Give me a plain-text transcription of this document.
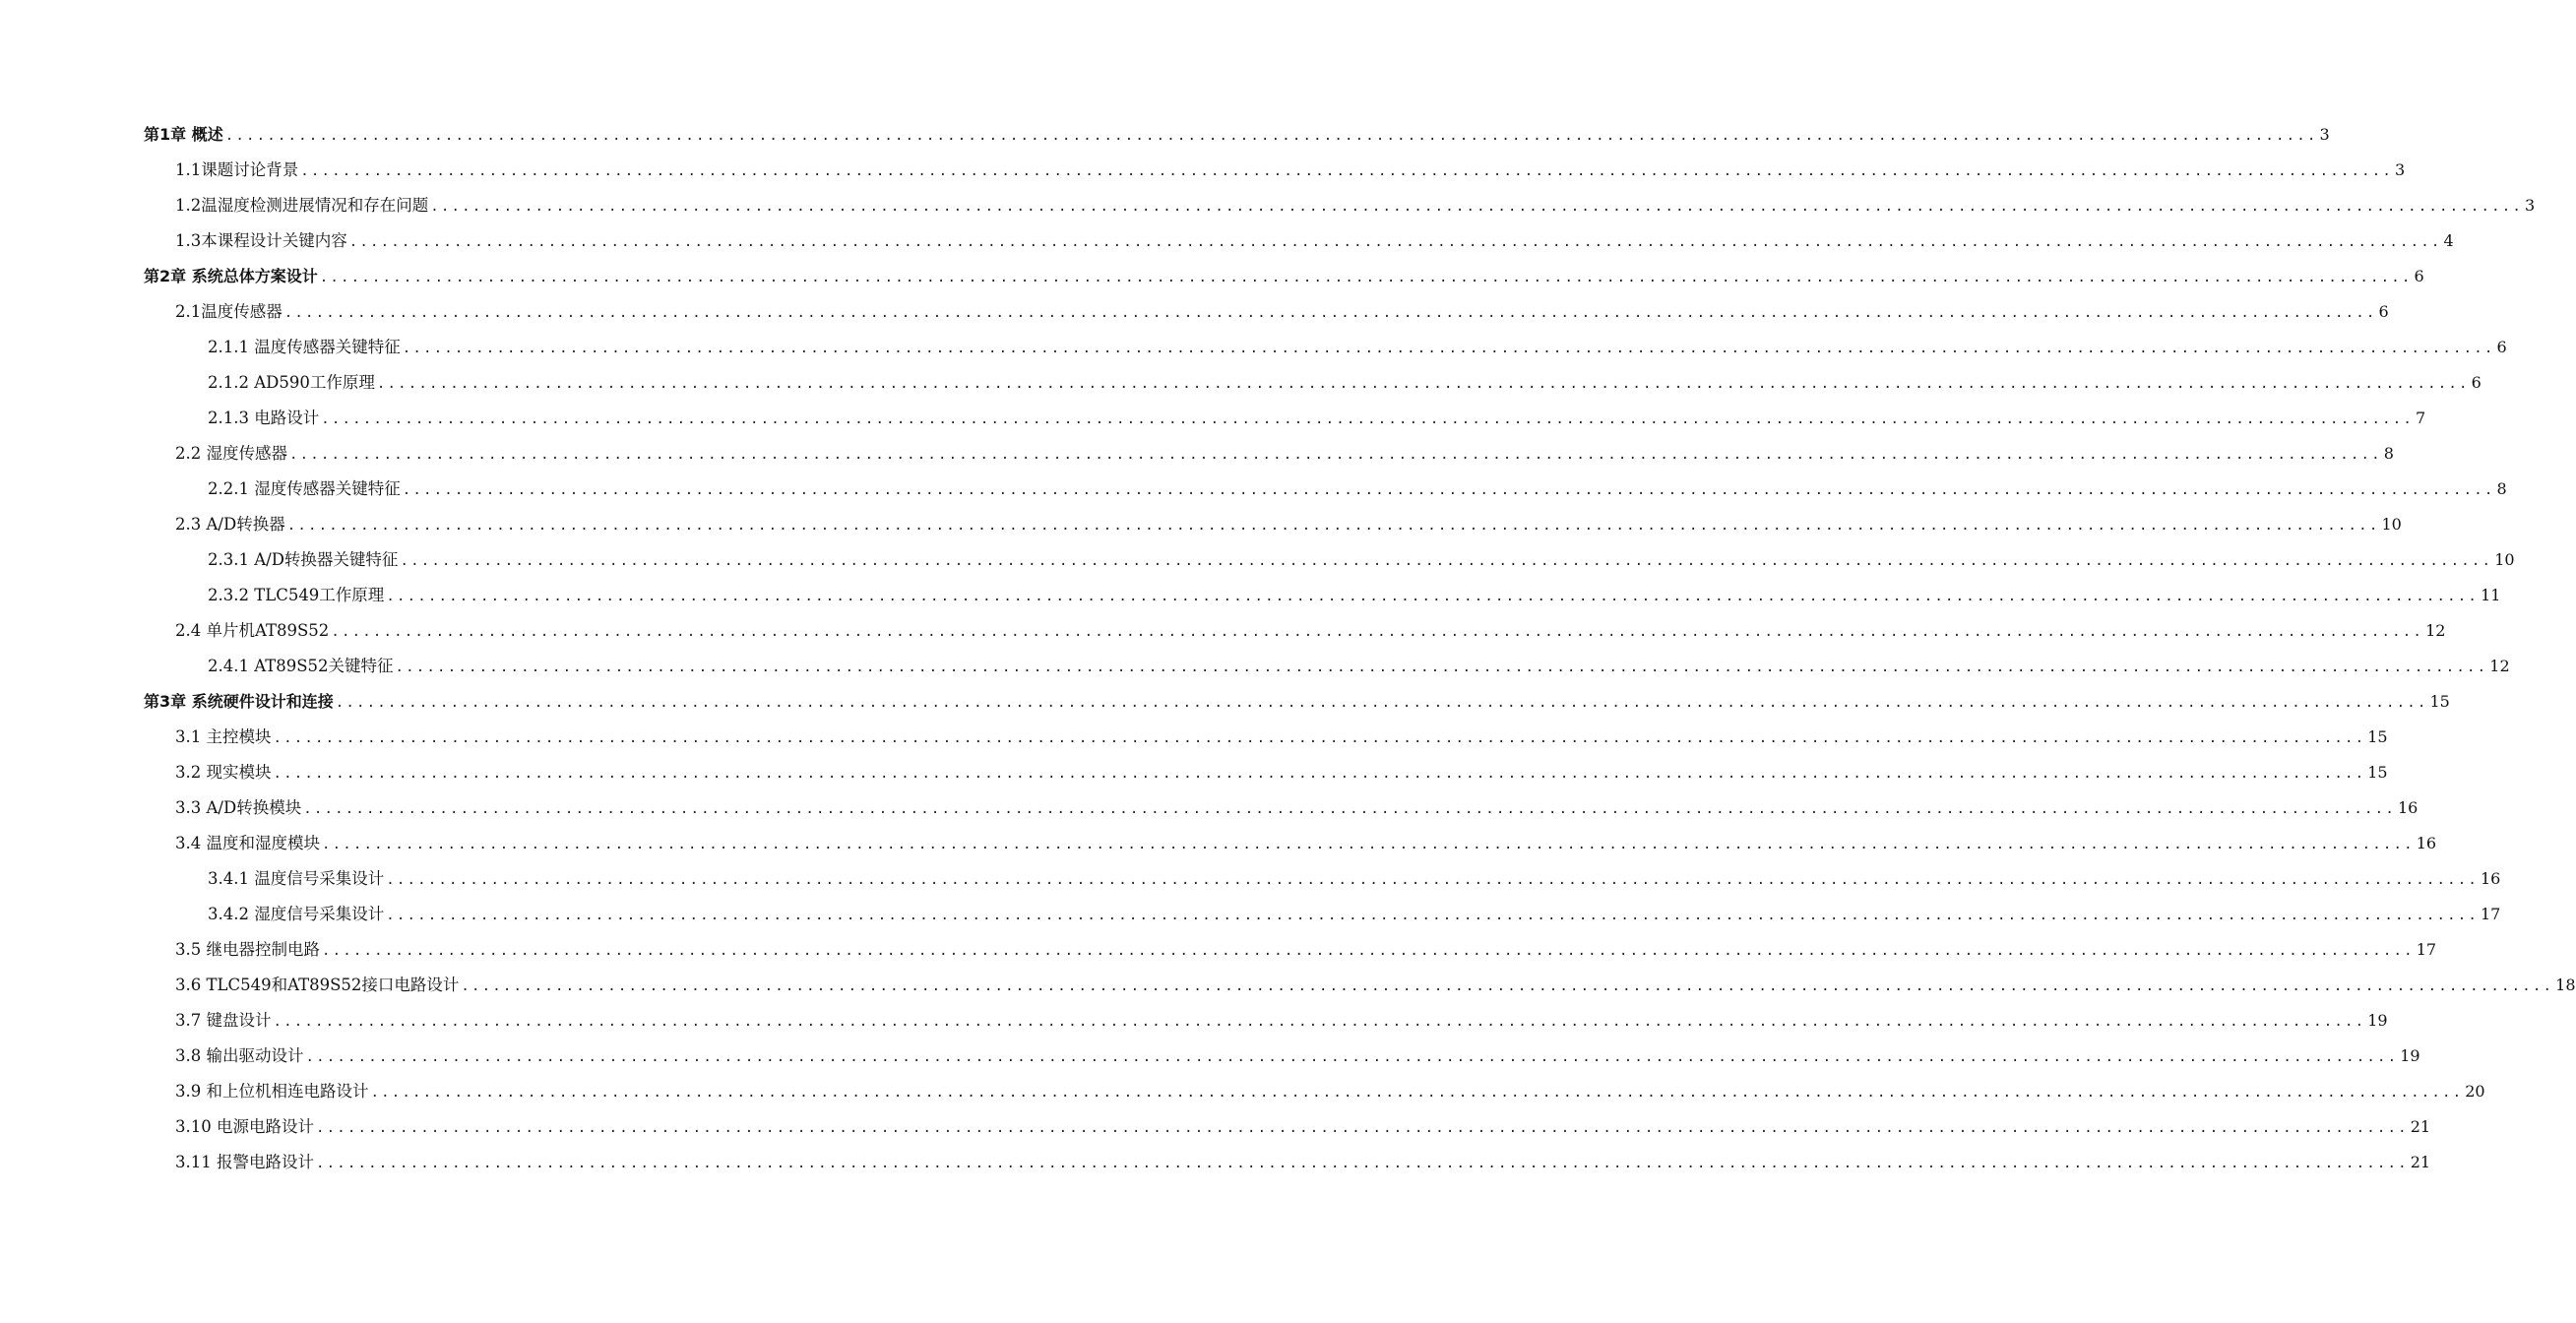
第1章 概述 ........................................................................................................................................................................................................ 3
1.1课题讨论背景 ........................................................................................................................................................................................................ 3
1.2温湿度检测进展情况和存在问题 ........................................................................................................................................................................................................ 3
1.3本课程设计关键内容 ........................................................................................................................................................................................................ 4
第2章 系统总体方案设计 ........................................................................................................................................................................................................ 6
2.1温度传感器 ........................................................................................................................................................................................................ 6
2.1.1 温度传感器关键特征 ........................................................................................................................................................................................................ 6
2.1.2 AD590工作原理 ........................................................................................................................................................................................................ 6
2.1.3 电路设计 ........................................................................................................................................................................................................ 7
2.2 湿度传感器 ........................................................................................................................................................................................................ 8
2.2.1 湿度传感器关键特征 ........................................................................................................................................................................................................ 8
2.3 A/D转换器 ........................................................................................................................................................................................................ 10
2.3.1 A/D转换器关键特征 ........................................................................................................................................................................................................ 10
2.3.2 TLC549工作原理 ........................................................................................................................................................................................................ 11
2.4 单片机AT89S52 ........................................................................................................................................................................................................ 12
2.4.1 AT89S52关键特征 ........................................................................................................................................................................................................ 12
第3章 系统硬件设计和连接 ........................................................................................................................................................................................................ 15
3.1 主控模块 ........................................................................................................................................................................................................ 15
3.2 现实模块 ........................................................................................................................................................................................................ 15
3.3 A/D转换模块 ........................................................................................................................................................................................................ 16
3.4 温度和湿度模块 ........................................................................................................................................................................................................ 16
3.4.1 温度信号采集设计 ........................................................................................................................................................................................................ 16
3.4.2 湿度信号采集设计 ........................................................................................................................................................................................................ 17
3.5 继电器控制电路 ........................................................................................................................................................................................................ 17
3.6 TLC549和AT89S52接口电路设计 ........................................................................................................................................................................................................ 18
3.7 键盘设计 ........................................................................................................................................................................................................ 19
3.8 输出驱动设计 ........................................................................................................................................................................................................ 19
3.9 和上位机相连电路设计 ........................................................................................................................................................................................................ 20
3.10 电源电路设计 ........................................................................................................................................................................................................ 21
3.11 报警电路设计 ........................................................................................................................................................................................................ 21
